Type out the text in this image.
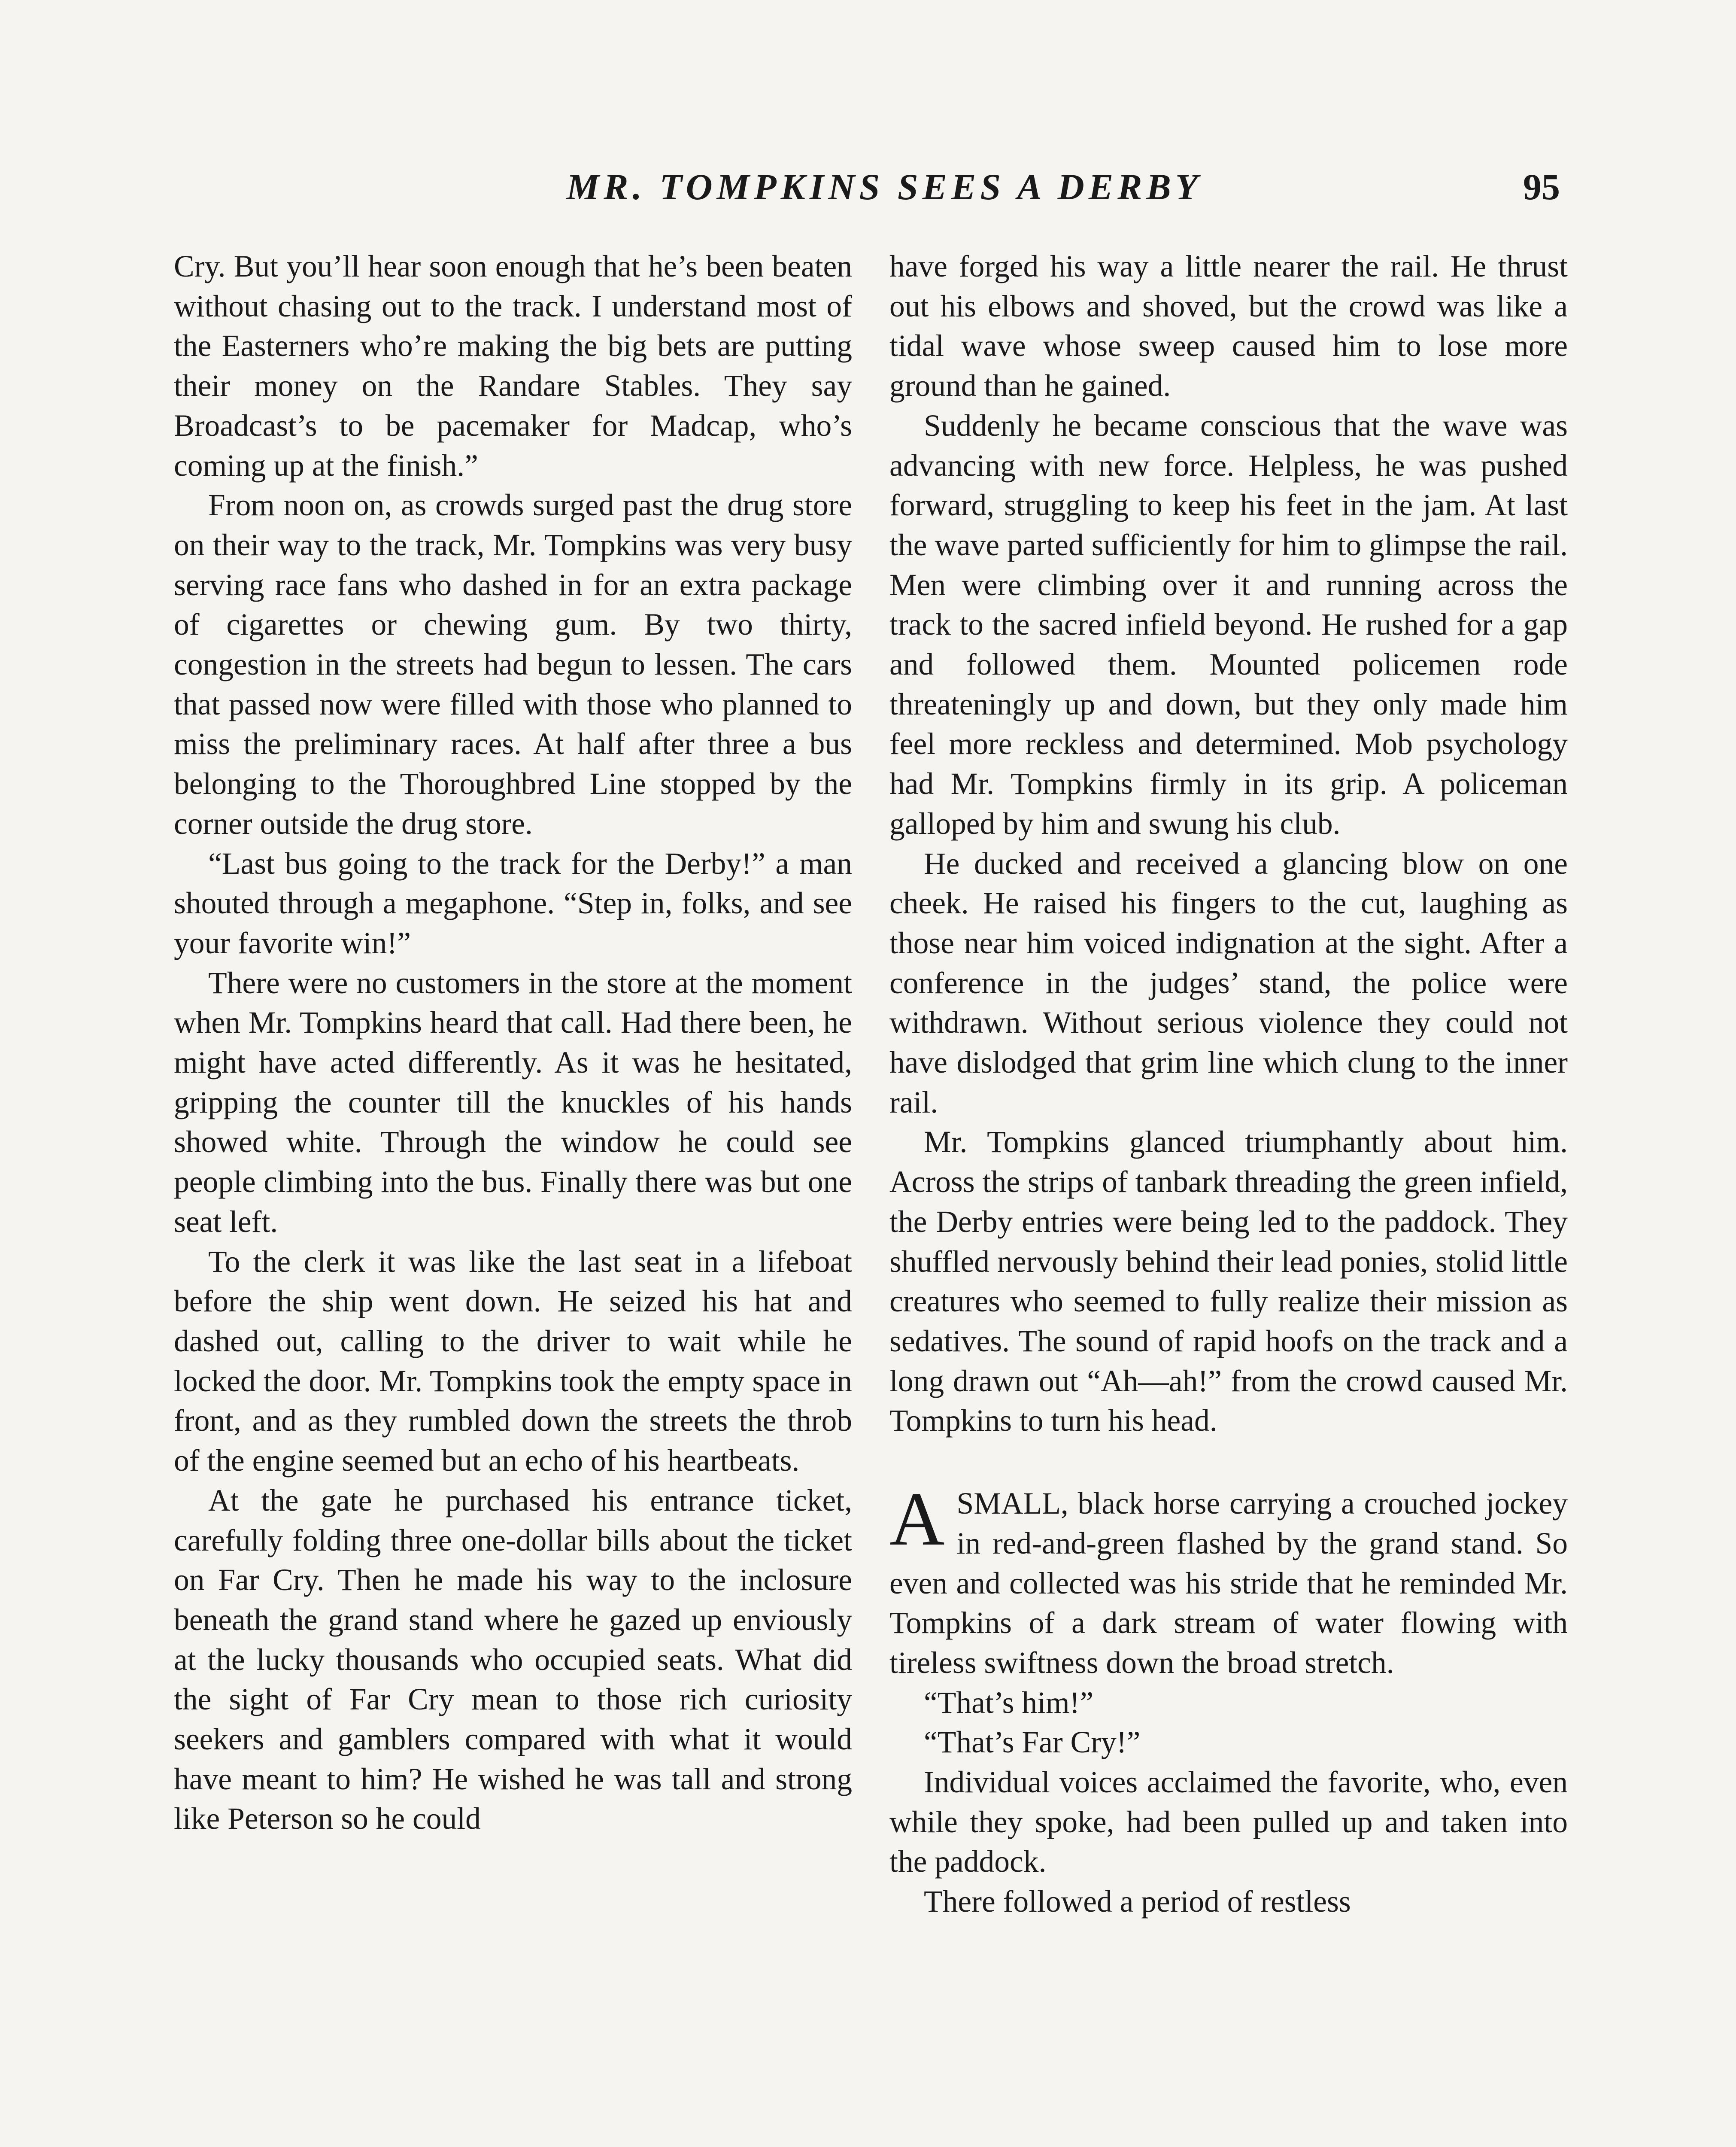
MR. TOMPKINS SEES A DERBY	95

Cry. But you’ll hear soon enough that he’s been beaten without chasing out to the track. I understand most of the Easterners who’re making the big bets are putting their money on the Randare Stables. They say Broadcast’s to be pacemaker for Madcap, who’s coming up at the finish.”

From noon on, as crowds surged past the drug store on their way to the track, Mr. Tompkins was very busy serving race fans who dashed in for an extra package of cigarettes or chewing gum. By two thirty, congestion in the streets had begun to lessen. The cars that passed now were filled with those who planned to miss the preliminary races. At half after three a bus belonging to the Thoroughbred Line stopped by the corner outside the drug store.

“Last bus going to the track for the Derby!” a man shouted through a megaphone. “Step in, folks, and see your favorite win!”

There were no customers in the store at the moment when Mr. Tompkins heard that call. Had there been, he might have acted differently. As it was he hesitated, gripping the counter till the knuckles of his hands showed white. Through the window he could see people climbing into the bus. Finally there was but one seat left.

To the clerk it was like the last seat in a lifeboat before the ship went down. He seized his hat and dashed out, calling to the driver to wait while he locked the door. Mr. Tompkins took the empty space in front, and as they rumbled down the streets the throb of the engine seemed but an echo of his heartbeats.

At the gate he purchased his entrance ticket, carefully folding three one-dollar bills about the ticket on Far Cry. Then he made his way to the inclosure beneath the grand stand where he gazed up enviously at the lucky thousands who occupied seats. What did the sight of Far Cry mean to those rich curiosity seekers and gamblers compared with what it would have meant to him? He wished he was tall and strong like Peterson so he could

have forged his way a little nearer the rail. He thrust out his elbows and shoved, but the crowd was like a tidal wave whose sweep caused him to lose more ground than he gained.

Suddenly he became conscious that the wave was advancing with new force. Helpless, he was pushed forward, struggling to keep his feet in the jam. At last the wave parted sufficiently for him to glimpse the rail. Men were climbing over it and running across the track to the sacred infield beyond. He rushed for a gap and followed them. Mounted policemen rode threateningly up and down, but they only made him feel more reckless and determined. Mob psychology had Mr. Tompkins firmly in its grip. A policeman galloped by him and swung his club.

He ducked and received a glancing blow on one cheek. He raised his fingers to the cut, laughing as those near him voiced indignation at the sight. After a conference in the judges’ stand, the police were withdrawn. Without serious violence they could not have dislodged that grim line which clung to the inner rail.

Mr. Tompkins glanced triumphantly about him. Across the strips of tanbark threading the green infield, the Derby entries were being led to the paddock. They shuffled nervously behind their lead ponies, stolid little creatures who seemed to fully realize their mission as sedatives. The sound of rapid hoofs on the track and a long drawn out “Ah—ah!” from the crowd caused Mr. Tompkins to turn his head.

ASMALL, black horse carrying a crouched jockey in red-and-green flashed by the grand stand. So even and collected was his stride that he reminded Mr. Tompkins of a dark stream of water flowing with tireless swiftness down the broad stretch.

“That’s him!”

“That’s Far Cry!”

Individual voices acclaimed the favorite, who, even while they spoke, had been pulled up and taken into the paddock.

There followed a period of restless
